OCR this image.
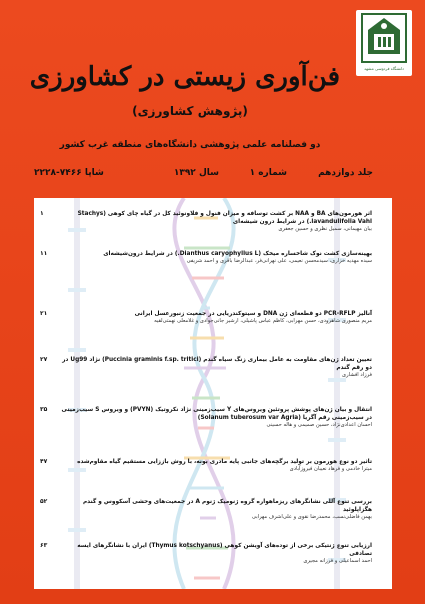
دانشگاه فردوسی مشهد
فن‌آوری زیستی در کشاورزی
(پژوهش کشاورزی)
دو فصلنامه علمی پژوهشی دانشگاه‌های منطقه غرب کشور
جلد دوازدهم
شماره ۱
سال ۱۳۹۲
شاپا ۷۴۶۶-۲۲۲۸
اثر هورمون‌های BA و NAA بر کشت توسافه و میزان فنول و فلاونوئید کل در گیاه چای کوهی (Stachys lavandulifolia Vahl.) در شرایط درون شیشه‌ای
بیان مهیمانی، سمیل نظری و حسین جعفری
۱
بهینه‌سازی کشت نوک شاخساره میخک (Dianthus caryophyllus L.) در شرایط درون‌شیشه‌ای
سیده مهدیه خزاری، سیدمحسن نعیمی، علی نهرانی‌فر، عبدالرضا باقری و احمد شریفی
۱۱
آنالیز PCR-RFLP دو قطعه‌ای ژن DNA و سیتوکندریایی در جمعیت زنبورعسل ایرانی
مریم منصوری شاهرودی، حسن مهرابی، کاظم عباس پاشیلی، ارشیر جانی‌جوادی و غلامعلی نهمتی‌لقیه
۲۱
تعیین تعداد ژن‌های مقاومت به عامل بیماری زنگ سیاه گندم (Puccinia graminis f.sp. tritici) نژاد Ug99 در دو رقم گندم
فرزاد افشاری
۲۷
انتقال و بیان ژن‌های پوشش پروتئین ویروس‌های Y سیب‌زمینی نژاد نکروتیک (PVYN) و ویروس S سیب‌زمینی در سیب‌زمینی رقم آگریا (Solanum tuberosum var Agria)
احسان اعدادی‌نژاد، حسین صمیمی و هاله حسینی
۳۵
تاثیر دو نوع هورمون بر تولید برگچه‌های جانبی پایه مادری بونه، با روش باززایی مستقیم گیاه مقاوم‌شده
میترا خادمی و فرهاد نعیبان فیروزآبادی
۴۷
بررسی تنوع آللی نشانگرهای ریزماهواره گروه ژنومیک ژنوم A در جمعیت‌های وحشی آسکووس و گندم هگزاپلوئید
بهمن فاضلی‌نسب، محمدرضا نقوی و علی‌اشرف مهرابی
۵۲
ارزیابی تنوع ژنتیکی برخی از توده‌های آویشن کوهی (Thymus kotschyanus) ایران با نشانگرهای ایسه تصادفی
احمد اسماعیلی و فرزانه مجیری
۶۳
